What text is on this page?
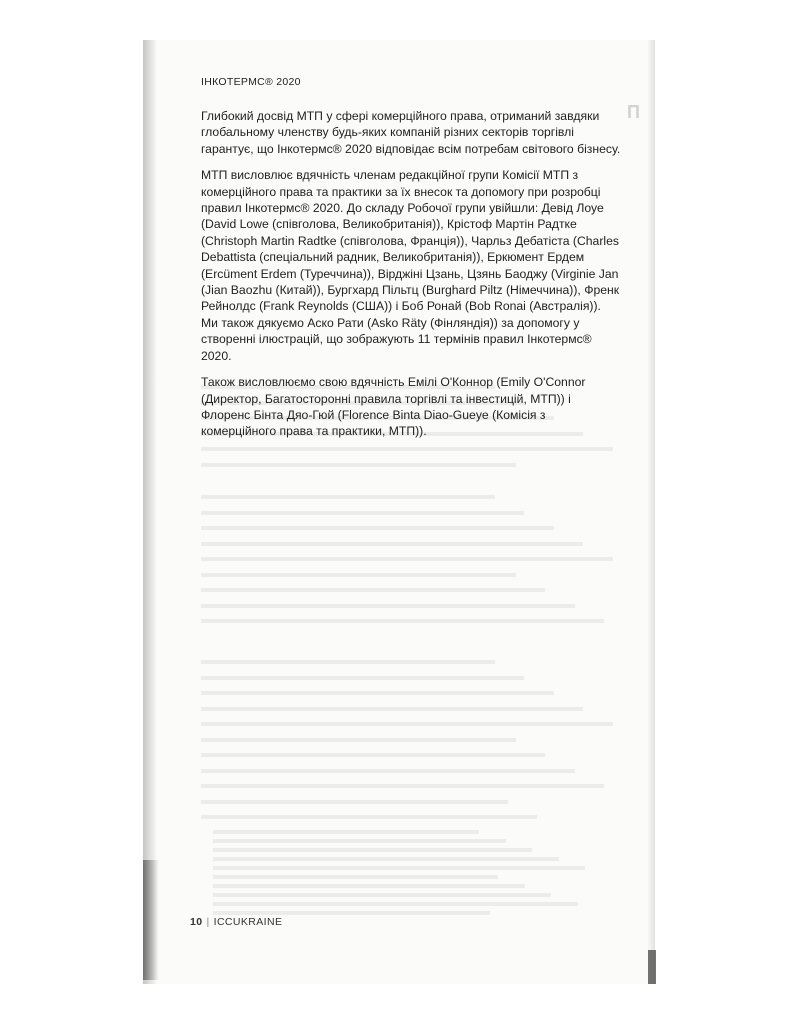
П

ІНКОТЕРМС® 2020

Глибокий досвід МТП у сфері комерційного права, отриманий завдяки глобальному членству будь-яких компаній різних секторів торгівлі гарантує, що Інкотермс® 2020 відповідає всім потребам світового бізнесу.

МТП висловлює вдячність членам редакційної групи Комісії МТП з комерційного права та практики за їх внесок та допомогу при розробці правил Інкотермс® 2020. До складу Робочої групи увійшли: Девід Лоуе (David Lowe (співголова, Великобританія)), Крістоф Мартін Радтке (Christoph Martin Radtke (співголова, Франція)), Чарльз Дебатіста (Charles Debattista (спеціальний радник, Великобританія)), Еркюмент Ердем (Ercüment Erdem (Туреччина)), Вірджіні Цзань, Цзянь Баоджу (Virginie Jan (Jian Baozhu (Китай)), Бургхард Пільтц (Burghard Piltz (Німеччина)), Френк Рейнолдс (Frank Reynolds (США)) і Боб Ронай (Bob Ronai (Австралія)). Ми також дякуємо Аско Рати (Asko Räty (Фінляндія)) за допомогу у створенні ілюстрацій, що зображують 11 термінів правил Інкотермс® 2020.

Також висловлюємо свою вдячність Емілі О'Коннор (Emily O'Connor (Директор, Багатосторонні правила торгівлі та інвестицій, МТП)) і Флоренс Бінта Дяо-Гюй (Florence Binta Diao-Gueye (Комісія з комерційного права та практики, МТП)).

10 | ICCUKRAINE
